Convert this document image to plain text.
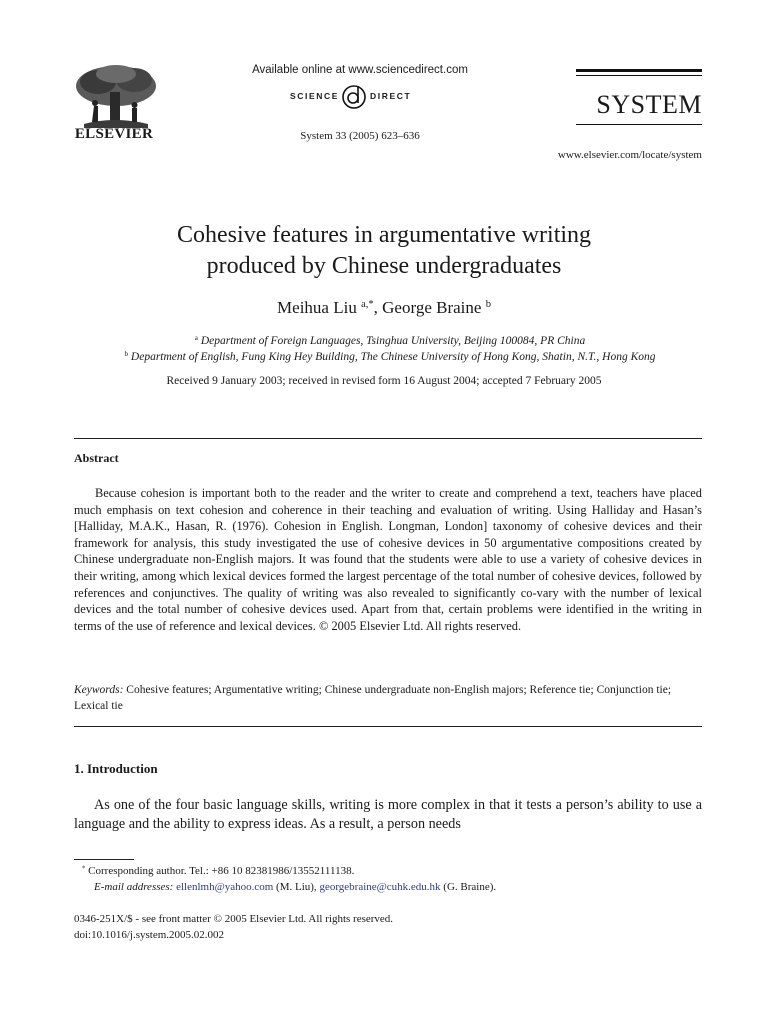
ELSEVIER
Available online at www.sciencedirect.com
SCIENCE	DIRECT
System 33 (2005) 623–636
SYSTEM
www.elsevier.com/locate/system
Cohesive features in argumentative writing
produced by Chinese undergraduates
Meihua Liu $^{a,*}$, George Braine $^b$
$^a$ Department of Foreign Languages, Tsinghua University, Beijing 100084, PR China
$^b$ Department of English, Fung King Hey Building, The Chinese University of Hong Kong, Shatin, N.T., Hong Kong
Received 9 January 2003; received in revised form 16 August 2004; accepted 7 February 2005
Abstract
Because cohesion is important both to the reader and the writer to create and comprehend a text, teachers have placed much emphasis on text cohesion and coherence in their teaching and evaluation of writing. Using Halliday and Hasan’s [Halliday, M.A.K., Hasan, R. (1976). Cohesion in English. Longman, London] taxonomy of cohesive devices and their framework for analysis, this study investigated the use of cohesive devices in 50 argumentative compositions created by Chinese undergraduate non-English majors. It was found that the students were able to use a variety of cohesive devices in their writing, among which lexical devices formed the largest percentage of the total number of cohesive devices, followed by references and conjunctives. The quality of writing was also revealed to significantly co-vary with the number of lexical devices and the total number of cohesive devices used. Apart from that, certain problems were identified in the writing in terms of the use of reference and lexical devices. © 2005 Elsevier Ltd. All rights reserved.
Keywords: Cohesive features; Argumentative writing; Chinese undergraduate non-English majors; Reference tie; Conjunction tie; Lexical tie
1. Introduction
As one of the four basic language skills, writing is more complex in that it tests a person’s ability to use a language and the ability to express ideas. As a result, a person needs
* Corresponding author. Tel.: +86 10 82381986/13552111138.
E-mail addresses: ellenlmh@yahoo.com (M. Liu), georgebraine@cuhk.edu.hk (G. Braine).
0346-251X/$ - see front matter © 2005 Elsevier Ltd. All rights reserved.
doi:10.1016/j.system.2005.02.002
